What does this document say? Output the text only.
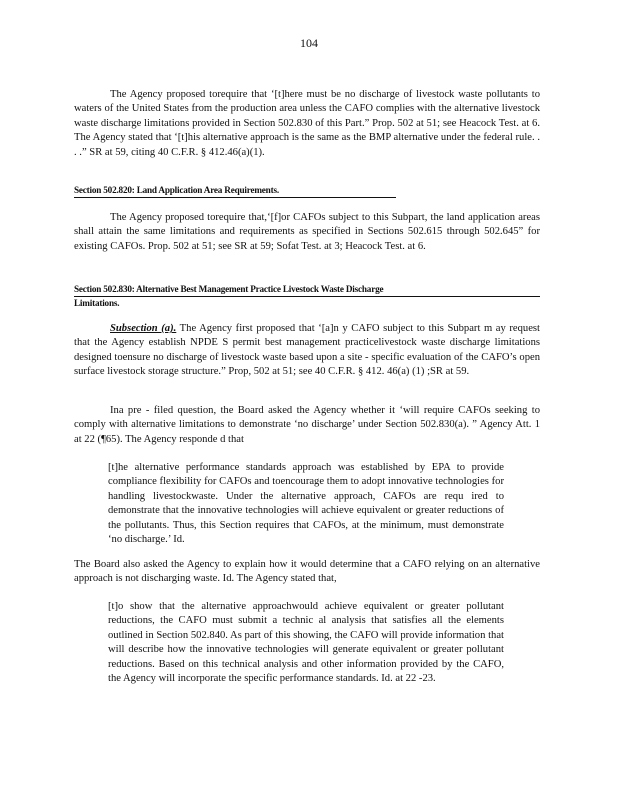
104

The Agency proposed torequire that ‘[t]here must be no discharge of livestock waste pollutants to waters of the United States from the production area unless the CAFO complies with the alternative livestock waste discharge limitations provided in Section 502.830 of this Part.” Prop. 502 at 51; see Heacock Test. at 6. The Agency stated that ‘[t]his alternative approach is the same as the BMP alternative under the federal rule. . . .” SR at 59, citing 40 C.F.R. § 412.46(a)(1).

Section 502.820: Land Application Area Requirements.

The Agency proposed torequire that,‘[f]or CAFOs subject to this Subpart, the land application areas shall attain the same limitations and requirements as specified in Sections 502.615 through 502.645” for existing CAFOs. Prop. 502 at 51; see SR at 59; Sofat Test. at 3; Heacock Test. at 6.

Section 502.830: Alternative Best Management Practice Livestock Waste Discharge
Limitations.

Subsection (a). The Agency first proposed that ‘[a]n y CAFO subject to this Subpart m ay request that the Agency establish NPDE S permit best management practicelivestock waste discharge limitations designed toensure no discharge of livestock waste based upon a site - specific evaluation of the CAFO’s open surface livestock storage structure.” Prop, 502 at 51; see 40 C.F.R. § 412. 46(a) (1) ;SR at 59.

Ina pre - filed question, the Board asked the Agency whether it ‘will require CAFOs seeking to comply with alternative limitations to demonstrate ‘no discharge’ under Section 502.830(a). ” Agency Att. 1 at 22 (¶65). The Agency responde d that

[t]he alternative performance standards approach was established by EPA to provide compliance flexibility for CAFOs and toencourage them to adopt innovative technologies for handling livestockwaste. Under the alternative approach, CAFOs are requ ired to demonstrate that the innovative technologies will achieve equivalent or greater reductions of the pollutants. Thus, this Section requires that CAFOs, at the minimum, must demonstrate ‘no discharge.’ Id.

The Board also asked the Agency to explain how it would determine that a CAFO relying on an alternative approach is not discharging waste. Id. The Agency stated that,

[t]o show that the alternative approachwould achieve equivalent or greater pollutant reductions, the CAFO must submit a technic al analysis that satisfies all the elements outlined in Section 502.840. As part of this showing, the CAFO will provide information that will describe how the innovative technologies will generate equivalent or greater pollutant reductions. Based on this technical analysis and other information provided by the CAFO, the Agency will incorporate the specific performance standards. Id. at 22 -23.
